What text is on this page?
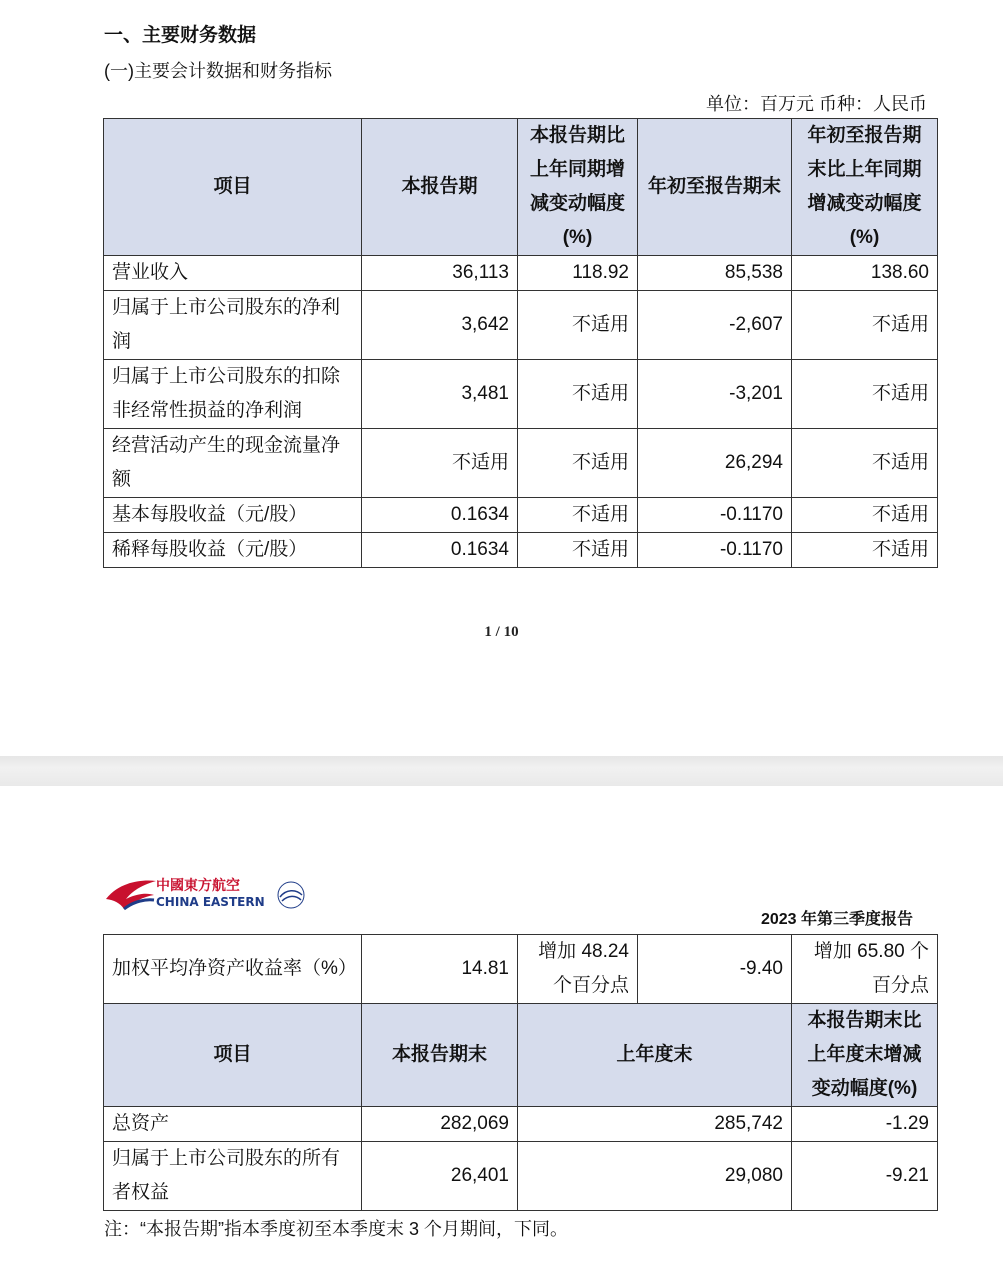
一、主要财务数据
(一)主要会计数据和财务指标
单位：百万元 币种：人民币
项目	本报告期	本报告期比上年同期增减变动幅度(%)	年初至报告期末	年初至报告期末比上年同期增减变动幅度(%)
营业收入	36,113	118.92	85,538	138.60
归属于上市公司股东的净利润	3,642	不适用	-2,607	不适用
归属于上市公司股东的扣除非经常性损益的净利润	3,481	不适用	-3,201	不适用
经营活动产生的现金流量净额	不适用	不适用	26,294	不适用
基本每股收益（元/股）	0.1634	不适用	-0.1170	不适用
稀释每股收益（元/股）	0.1634	不适用	-0.1170	不适用
1 / 10
中國東方航空
CHINA EASTERN
2023 年第三季度报告
加权平均净资产收益率（%）	14.81	增加 48.24 个百分点	-9.40	增加 65.80 个百分点
项目	本报告期末	上年度末		本报告期末比上年度末增减变动幅度(%)
总资产	282,069	285,742		-1.29
归属于上市公司股东的所有者权益	26,401	29,080		-9.21
注：“本报告期”指本季度初至本季度末 3 个月期间，下同。
